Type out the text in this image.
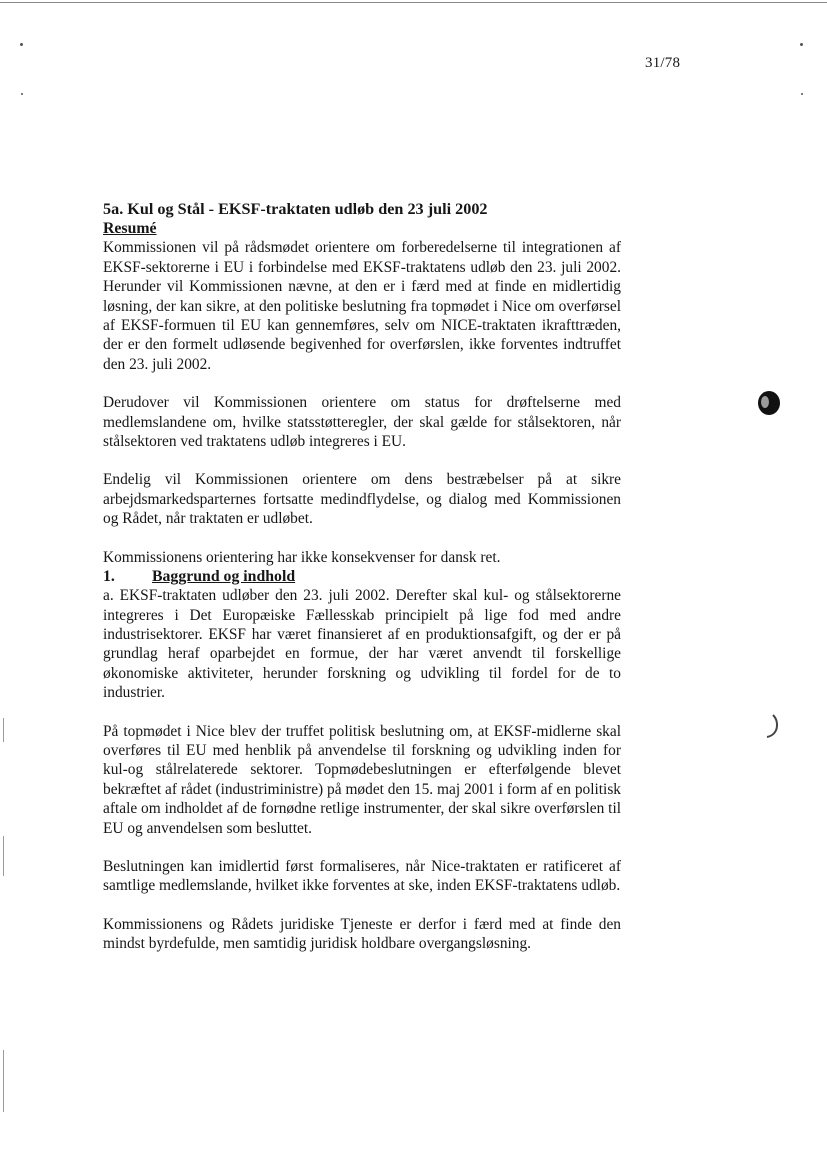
31/78

5a. Kul og Stål - EKSF-traktaten udløb den 23 juli 2002

Resumé

Kommissionen vil på rådsmødet orientere om forberedelserne til integrationen af EKSF-sektorerne i EU i forbindelse med EKSF-traktatens udløb den 23. juli 2002. Herunder vil Kommissionen nævne, at den er i færd med at finde en midlertidig løsning, der kan sikre, at den politiske beslutning fra topmødet i Nice om overførsel af EKSF-formuen til EU kan gennemføres, selv om NICE-traktaten ikrafttræden, der er den formelt udløsende begivenhed for overførslen, ikke forventes indtruffet den 23. juli 2002.

Derudover vil Kommissionen orientere om status for drøftelserne med medlemslandene om, hvilke statsstøtteregler, der skal gælde for stålsektoren, når stålsektoren ved traktatens udløb integreres i EU.

Endelig vil Kommissionen orientere om dens bestræbelser på at sikre arbejdsmarkedsparternes fortsatte medindflydelse, og dialog med Kommissionen og Rådet, når traktaten er udløbet.

Kommissionens orientering har ikke konsekvenser for dansk ret.

1. Baggrund og indhold

a. EKSF-traktaten udløber den 23. juli 2002. Derefter skal kul- og stålsektorerne integreres i Det Europæiske Fællesskab principielt på lige fod med andre industrisektorer. EKSF har været finansieret af en produktionsafgift, og der er på grundlag heraf oparbejdet en formue, der har været anvendt til forskellige økonomiske aktiviteter, herunder forskning og udvikling til fordel for de to industrier.

På topmødet i Nice blev der truffet politisk beslutning om, at EKSF-midlerne skal overføres til EU med henblik på anvendelse til forskning og udvikling inden for kul-og stålrelaterede sektorer. Topmødebeslutningen er efterfølgende blevet bekræftet af rådet (industriministre) på mødet den 15. maj 2001 i form af en politisk aftale om indholdet af de fornødne retlige instrumenter, der skal sikre overførslen til EU og anvendelsen som besluttet.

Beslutningen kan imidlertid først formaliseres, når Nice-traktaten er ratificeret af samtlige medlemslande, hvilket ikke forventes at ske, inden EKSF-traktatens udløb.

Kommissionens og Rådets juridiske Tjeneste er derfor i færd med at finde den mindst byrdefulde, men samtidig juridisk holdbare overgangsløsning.
